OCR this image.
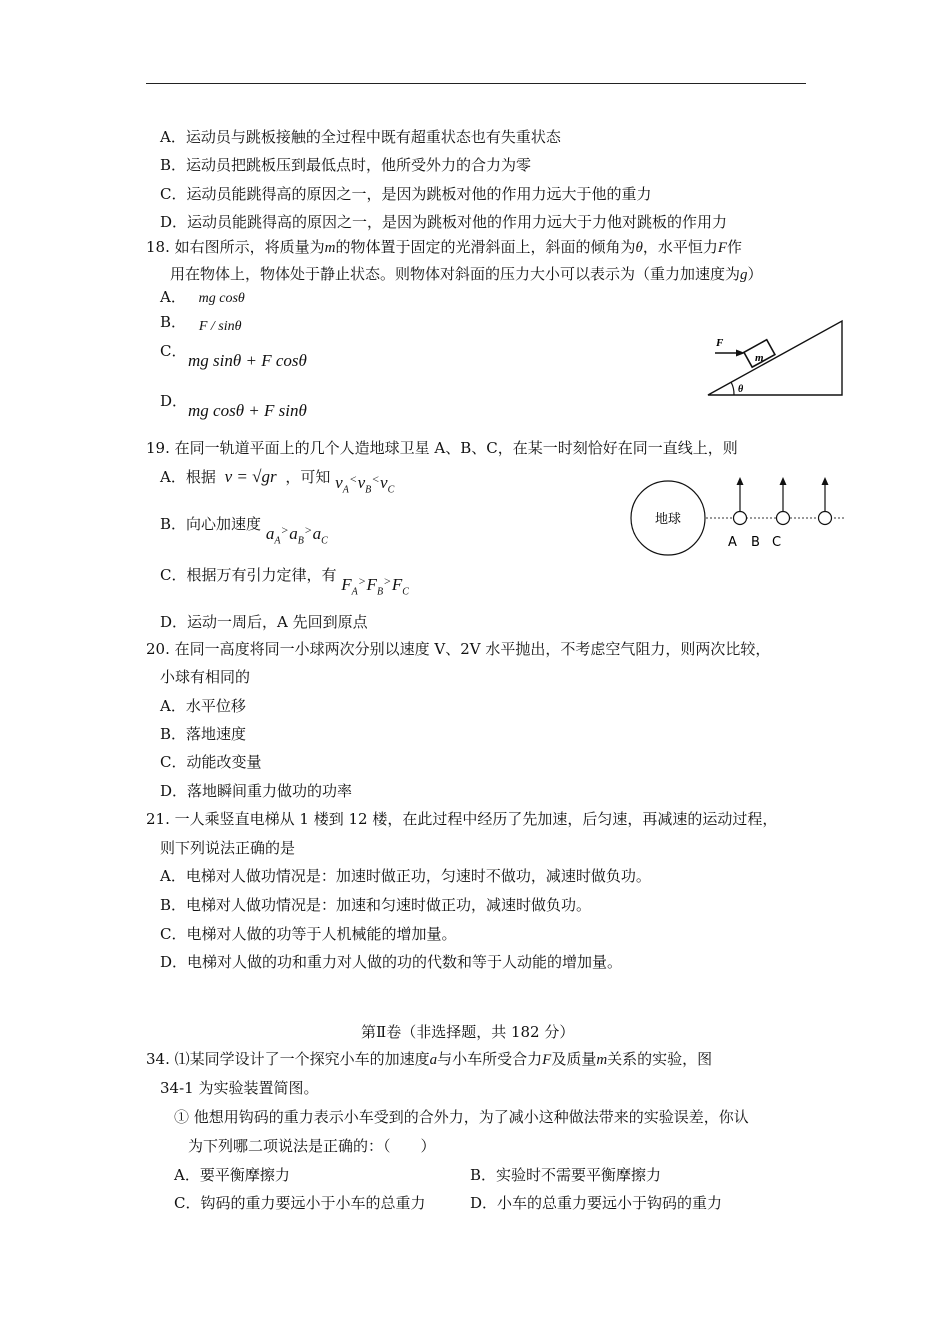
A．运动员与跳板接触的全过程中既有超重状态也有失重状态
B．运动员把跳板压到最低点时，他所受外力的合力为零
C．运动员能跳得高的原因之一，是因为跳板对他的作用力远大于他的重力
D．运动员能跳得高的原因之一，是因为跳板对他的作用力远大于力他对跳板的作用力
18. 如右图所示，将质量为m的物体置于固定的光滑斜面上，斜面的倾角为θ，水平恒力F作
用在物体上，物体处于静止状态。则物体对斜面的压力大小可以表示为（重力加速度为g）
A． mg cosθ
B． F / sinθ
C． mg sinθ + F cosθ
D． mg cosθ + F sinθ
m
F
θ
19. 在同一轨道平面上的几个人造地球卫星 A、B、C，在某一时刻恰好在同一直线上，则
A．根据 v = √gr ，可知 $v_A^<v_B^<v_C$
B．向心加速度 $a_A^>a_B^>a_C$
C．根据万有引力定律，有 $F_A^>F_B^>F_C$
D．运动一周后，A 先回到原点
地球
A B C
20. 在同一高度将同一小球两次分别以速度 V、2V 水平抛出，不考虑空气阻力，则两次比较，
小球有相同的
A．水平位移
B．落地速度
C．动能改变量
D．落地瞬间重力做功的功率
21. 一人乘竖直电梯从 1 楼到 12 楼，在此过程中经历了先加速，后匀速，再减速的运动过程，
则下列说法正确的是
A．电梯对人做功情况是：加速时做正功，匀速时不做功，减速时做负功。
B．电梯对人做功情况是：加速和匀速时做正功，减速时做负功。
C．电梯对人做的功等于人机械能的增加量。
D．电梯对人做的功和重力对人做的功的代数和等于人动能的增加量。
第Ⅱ卷（非选择题，共 182 分）
34. ⑴某同学设计了一个探究小车的加速度a与小车所受合力F及质量m关系的实验，图
34-1 为实验装置简图。
① 他想用钩码的重力表示小车受到的合外力，为了减小这种做法带来的实验误差，你认
为下列哪二项说法是正确的：（　　）
A．要平衡摩擦力	B．实验时不需要平衡摩擦力
C．钩码的重力要远小于小车的总重力	D．小车的总重力要远小于钩码的重力
